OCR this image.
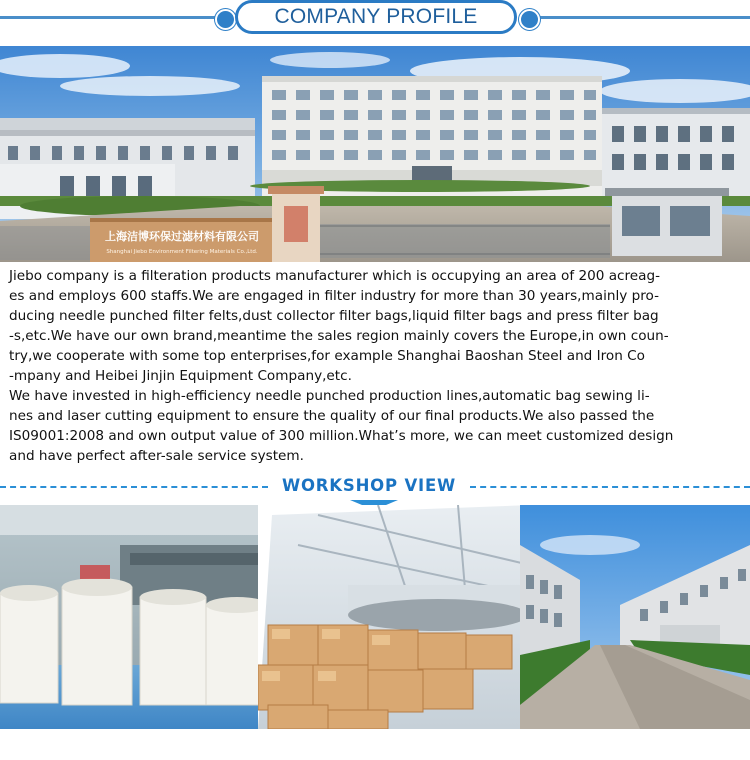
COMPANY PROFILE
上海洁博环保过滤材料有限公司
Shanghai Jiebo Environment Filtering Materials Co.,Ltd.

Jiebo company is a filteration products manufacturer which is occupying an area of 200 acreag-

es and employs 600 staffs.We are engaged in filter industry for more than 30 years,mainly pro-

ducing needle punched filter felts,dust collector filter bags,liquid filter bags and press filter bag

-s,etc.We have our own brand,meantime the sales region mainly covers the Europe,in own coun-

try,we cooperate with some top enterprises,for example Shanghai Baoshan Steel and Iron Co

-mpany and Heibei Jinjin Equipment Company,etc.

We have invested in high-efficiency needle punched production lines,automatic bag sewing li-

nes and laser cutting equipment to ensure the quality of our final products.We also passed the

IS09001:2008 and own output value of 300 million.What’s more, we can meet customized design

and have perfect after-sale service system.

WORKSHOP VIEW
